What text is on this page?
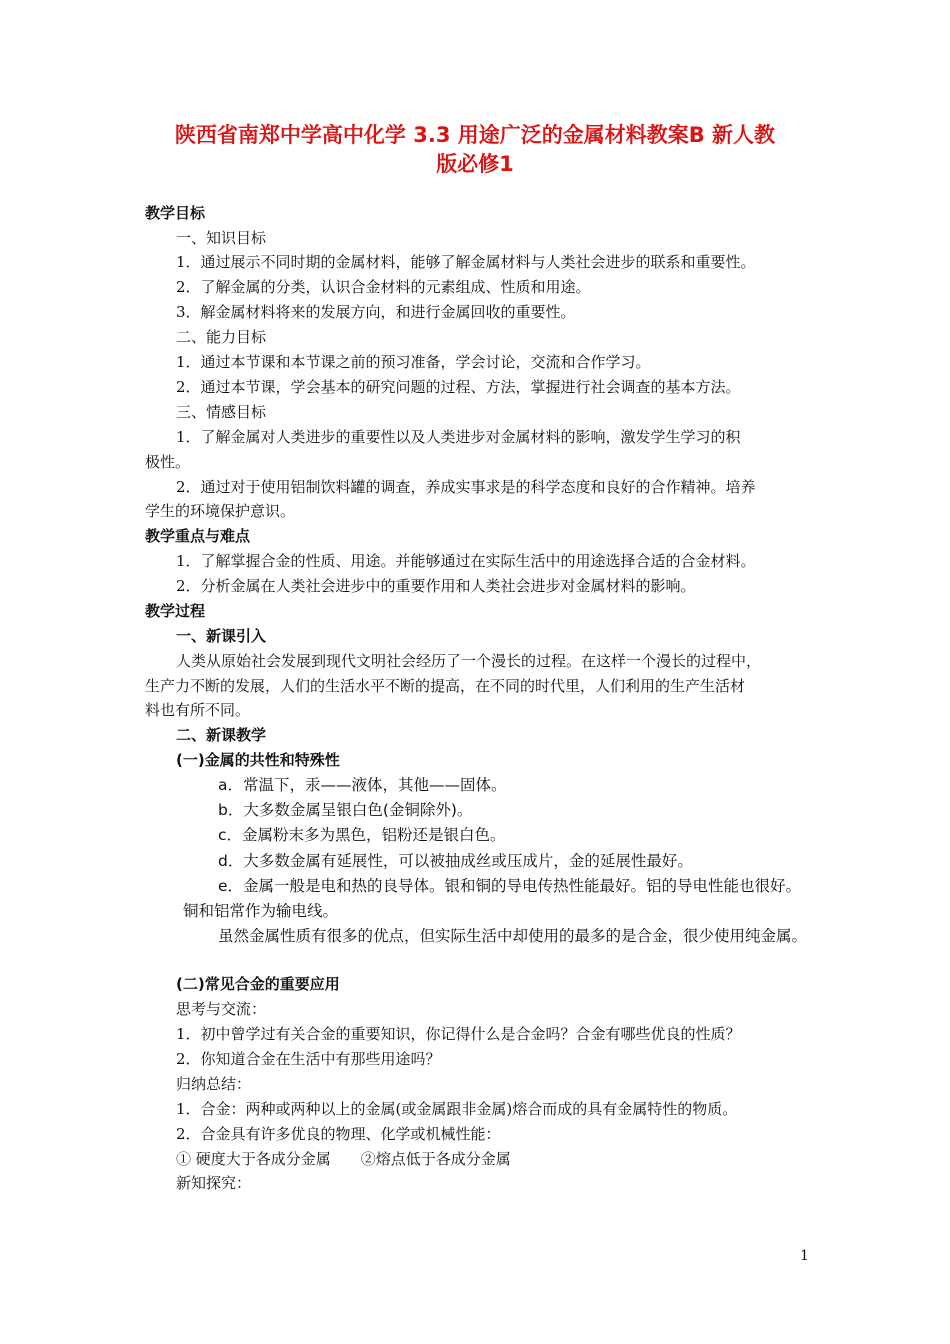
陕西省南郑中学高中化学 3.3 用途广泛的金属材料教案B 新人教
版必修1
教学目标
一、知识目标
1．通过展示不同时期的金属材料，能够了解金属材料与人类社会进步的联系和重要性。
2．了解金属的分类，认识合金材料的元素组成、性质和用途。
3．解金属材料将来的发展方向，和进行金属回收的重要性。
二、能力目标
1．通过本节课和本节课之前的预习准备，学会讨论，交流和合作学习。
2．通过本节课，学会基本的研究问题的过程、方法，掌握进行社会调查的基本方法。
三、情感目标
1．了解金属对人类进步的重要性以及人类进步对金属材料的影响，激发学生学习的积
极性。
2．通过对于使用铝制饮料罐的调查，养成实事求是的科学态度和良好的合作精神。培养
学生的环境保护意识。
教学重点与难点
1．了解掌握合金的性质、用途。并能够通过在实际生活中的用途选择合适的合金材料。
2．分析金属在人类社会进步中的重要作用和人类社会进步对金属材料的影响。
教学过程
一、新课引入
人类从原始社会发展到现代文明社会经历了一个漫长的过程。在这样一个漫长的过程中，
生产力不断的发展，人们的生活水平不断的提高，在不同的时代里，人们利用的生产生活材
料也有所不同。
二、新课教学
(一)金属的共性和特殊性
a．常温下，汞——液体，其他——固体。
b．大多数金属呈银白色(金铜除外)。
c．金属粉末多为黑色，铝粉还是银白色。
d．大多数金属有延展性，可以被抽成丝或压成片，金的延展性最好。
e．金属一般是电和热的良导体。银和铜的导电传热性能最好。铝的导电性能也很好。
铜和铝常作为输电线。
虽然金属性质有很多的优点，但实际生活中却使用的最多的是合金，很少使用纯金属。
(二)常见合金的重要应用
思考与交流：
1．初中曾学过有关合金的重要知识，你记得什么是合金吗？合金有哪些优良的性质？
2．你知道合金在生活中有那些用途吗？
归纳总结：
1．合金：两种或两种以上的金属(或金属跟非金属)熔合而成的具有金属特性的物质。
2．合金具有许多优良的物理、化学或机械性能：
① 硬度大于各成分金属　　②熔点低于各成分金属
新知探究：
1
